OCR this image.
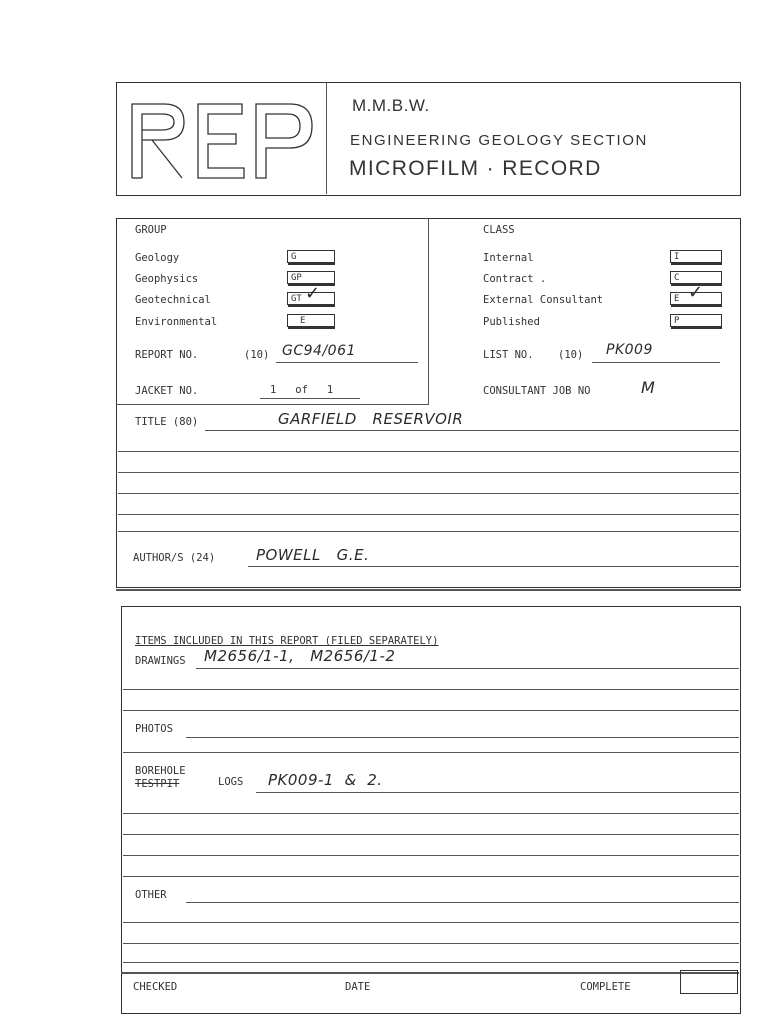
REP	M.M.B.W.
ENGINEERING GEOLOGY SECTION
MICROFILM · RECORD
GROUP	CLASS
Geology	G
Geophysics	GP
Geotechnical	GT ✓
Environmental	E
Internal	I
Contract .	C
External Consultant	E ✓
Published	P
REPORT NO.	(10) GC94/061	LIST NO. (10) PK009
JACKET NO.	1   of   1	CONSULTANT JOB NO	M
TITLE (80)	GARFIELD   RESERVOIR
AUTHOR/S (24)	POWELL   G.E.
ITEMS INCLUDED IN THIS REPORT (FILED SEPARATELY)
DRAWINGS M2656/1-1,   M2656/1-2
PHOTOS
BOREHOLE
TESTPIT	LOGS PK009-1  &  2.
OTHER
CHECKED	DATE	COMPLETE
